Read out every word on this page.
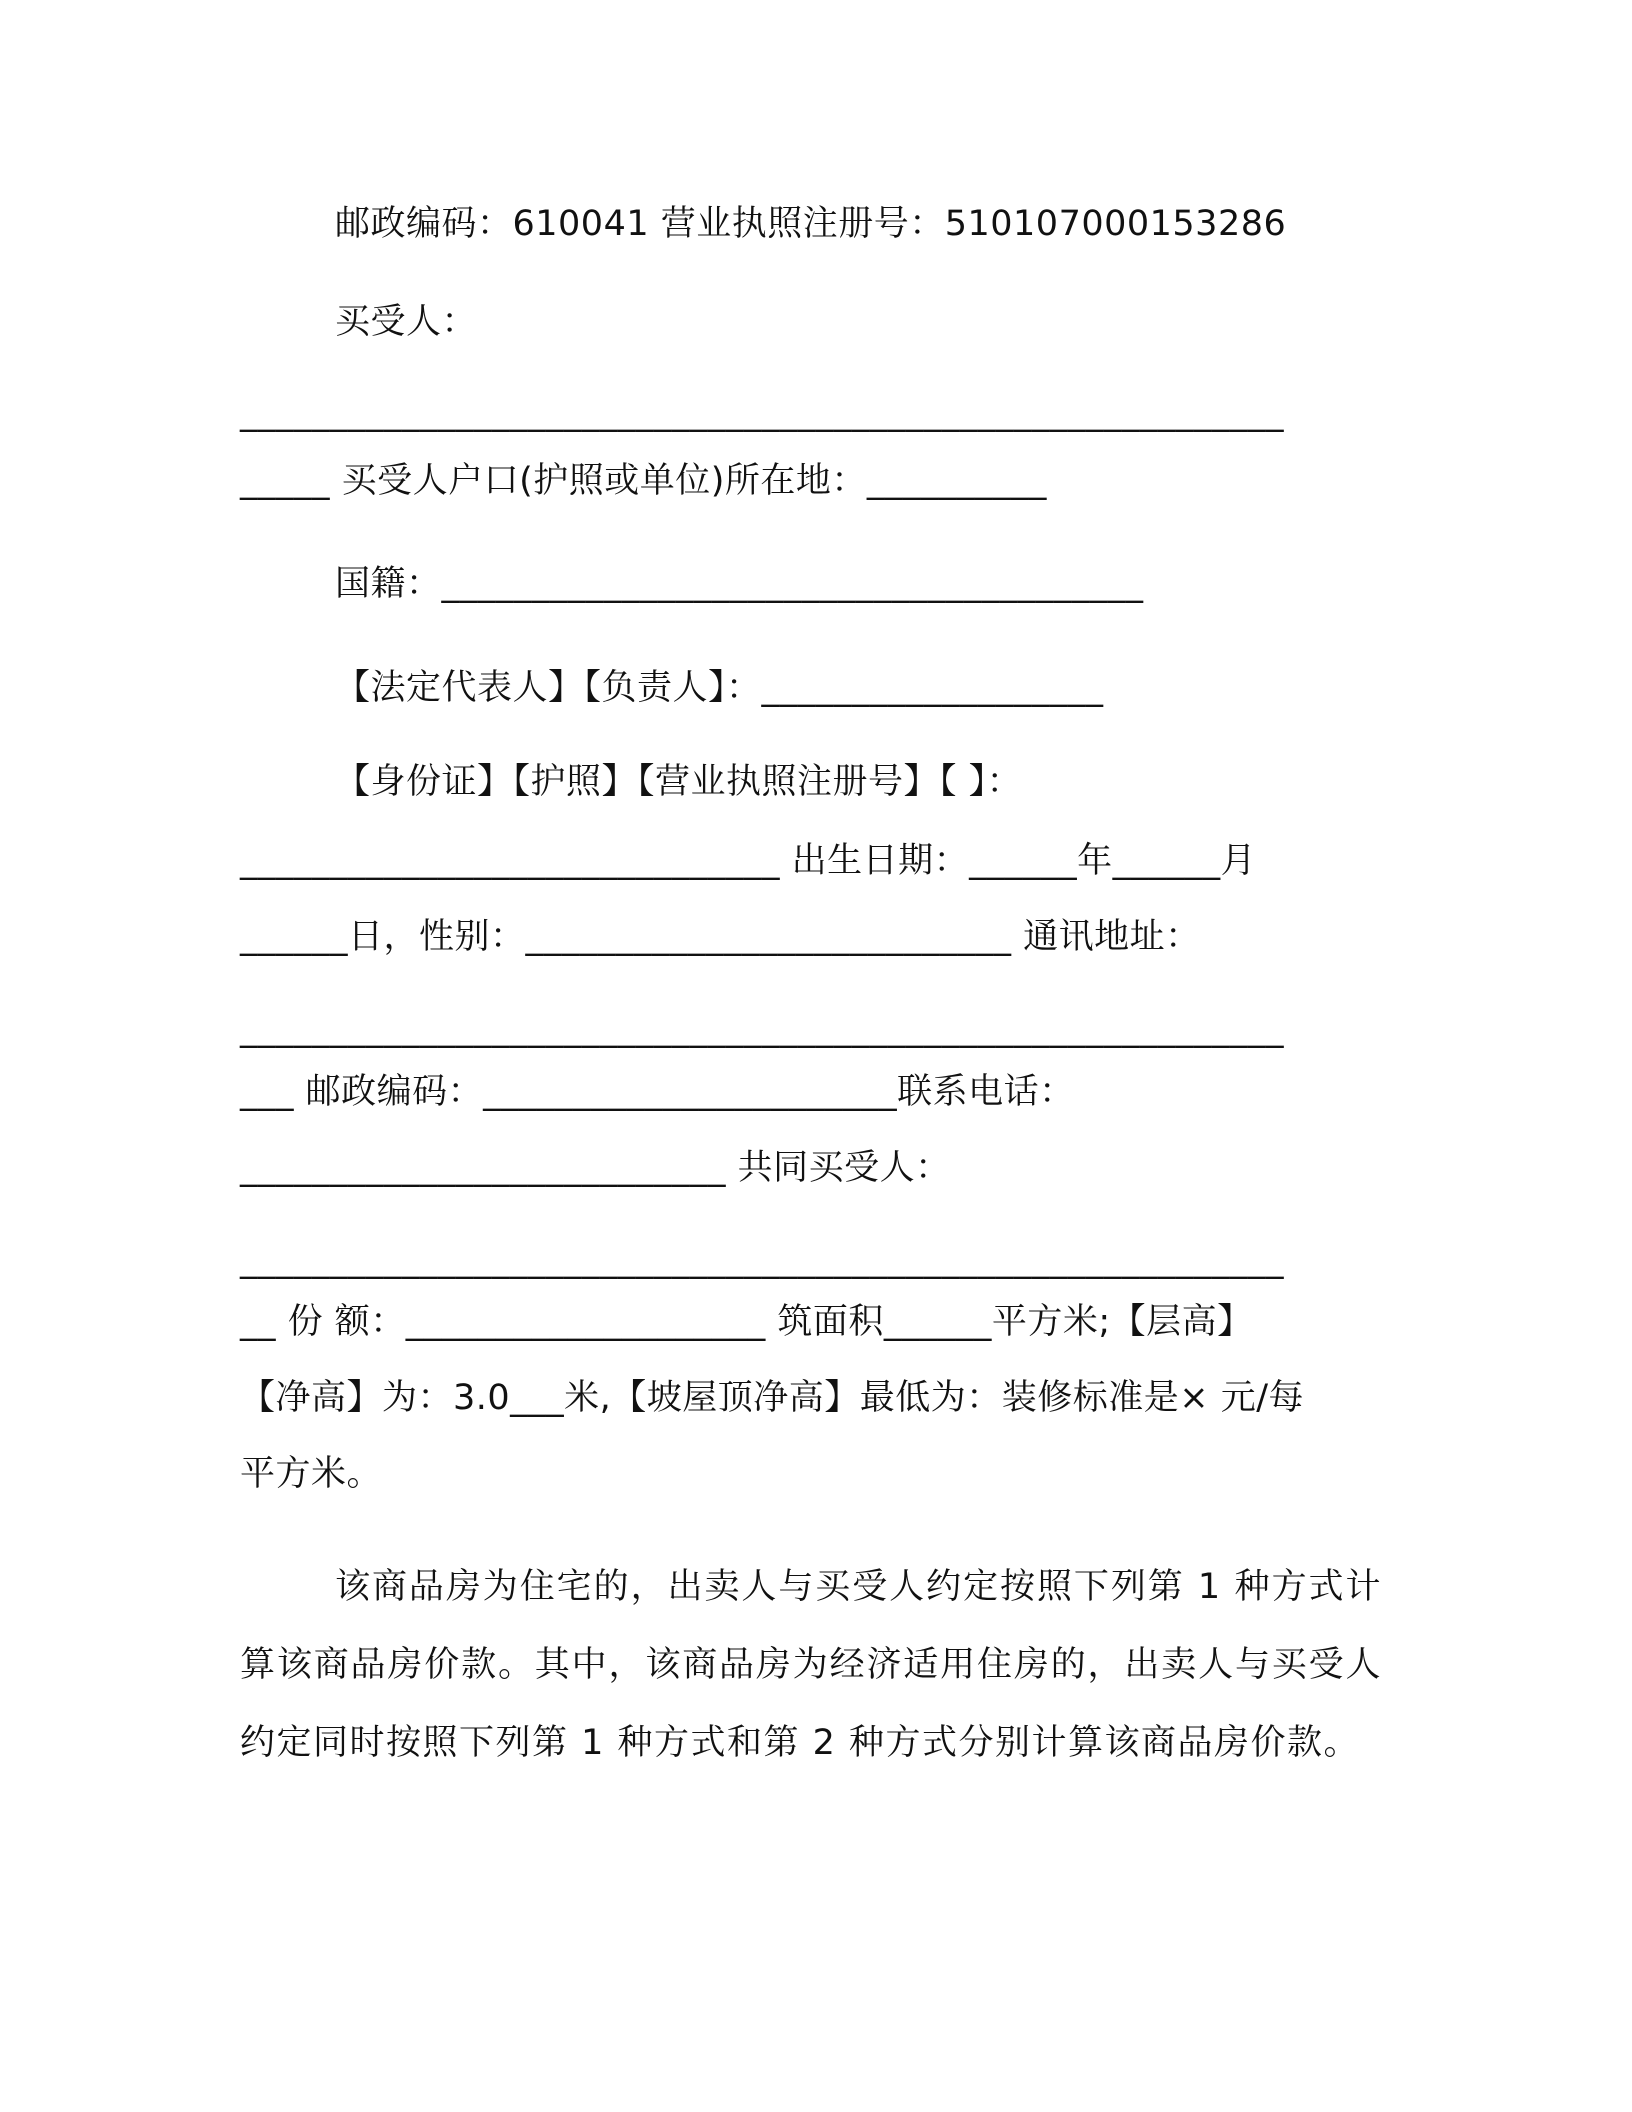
邮政编码：610041 营业执照注册号：510107000153286
买受人：
__________________________________________________________
_____ 买受人户口(护照或单位)所在地：__________
国籍：_______________________________________
【法定代表人】【负责人】：___________________
【身份证】【护照】【营业执照注册号】【 】：
______________________________ 出生日期：______年______月
______日，性别：___________________________ 通讯地址：
__________________________________________________________
___ 邮政编码：_______________________联系电话：
___________________________ 共同买受人：
__________________________________________________________
__ 份 额：____________________ 筑面积______平方米;【层高】
【净高】为：3.0___米,【坡屋顶净高】最低为：装修标准是× 元/每
平方米。
该商品房为住宅的，出卖人与买受人约定按照下列第 1 种方式计算该商品房价款。其中，该商品房为经济适用住房的，出卖人与买受人约定同时按照下列第 1 种方式和第 2 种方式分别计算该商品房价款。
